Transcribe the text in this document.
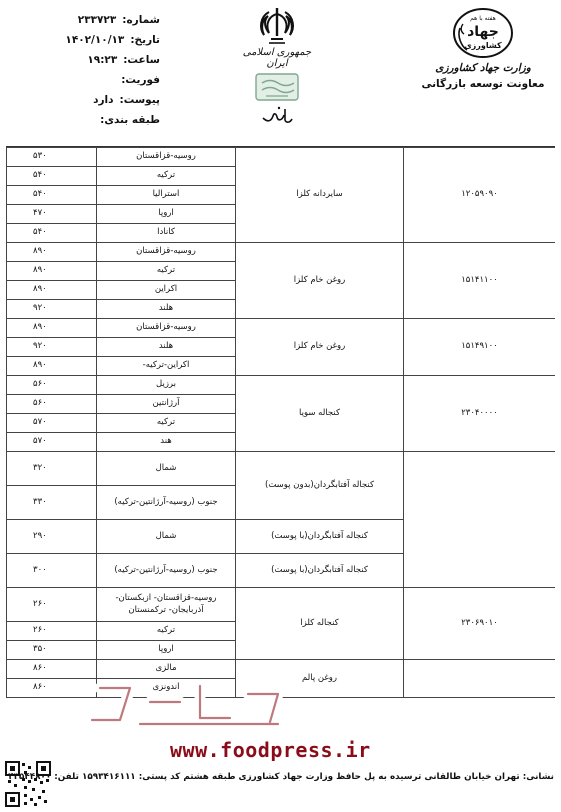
شماره:
۲۳۳۷۲۳
تاریخ:
۱۴۰۲/۱۰/۱۳
ساعت:
۱۹:۲۳
فوریت:
پیوست:
دارد
طبقه بندی:
جمهوری اسلامی ایران
هفته با هم
جهاد
کشاورزی
وزارت جهاد کشاورزی
معاونت توسعه بازرگانی
۱۲۰۵۹۰۹۰	سایردانه کلزا	روسیه-قزاقستان	۵۳۰
		ترکیه	۵۴۰
		استرالیا	۵۴۰
		اروپا	۴۷۰
		کانادا	۵۴۰
۱۵۱۴۱۱۰۰	روغن خام کلزا	روسیه-قزاقستان	۸۹۰
		ترکیه	۸۹۰
		اکراین	۸۹۰
		هلند	۹۲۰
۱۵۱۴۹۱۰۰	روغن خام کلزا	روسیه-قزاقستان	۸۹۰
		هلند	۹۲۰
		اکراین-ترکیه-	۸۹۰
۲۳۰۴۰۰۰۰	کنجاله سویا	برزیل	۵۶۰
		آرژانتین	۵۶۰
		ترکیه	۵۷۰
		هند	۵۷۰
	کنجاله آفتابگردان(بدون پوست)	شمال	۳۲۰
		جنوب (روسیه-آرژانتین-ترکیه)	۳۳۰
	کنجاله آفتابگردان(با پوست)	شمال	۲۹۰
	کنجاله آفتابگردان(با پوست)	جنوب (روسیه-آرژانتین-ترکیه)	۳۰۰
۲۳۰۶۹۰۱۰	کنجاله کلزا	روسیه-قزاقستان- ازبکستان-آذربایجان- ترکمنستان	۲۶۰
		ترکیه	۲۶۰
		اروپا	۳۵۰
	روغن پالم	مالزی	۸۶۰
		اندونزی	۸۶۰
www.foodpress.ir
نشانی: تهران خیابان طالقانی ترسیده به پل حافظ وزارت جهاد کشاورزی طبقه هشتم کد پستی: ۱۵۹۳۴۱۶۱۱۱ تلفن: ۴۳۵۴۴۸۰۰
